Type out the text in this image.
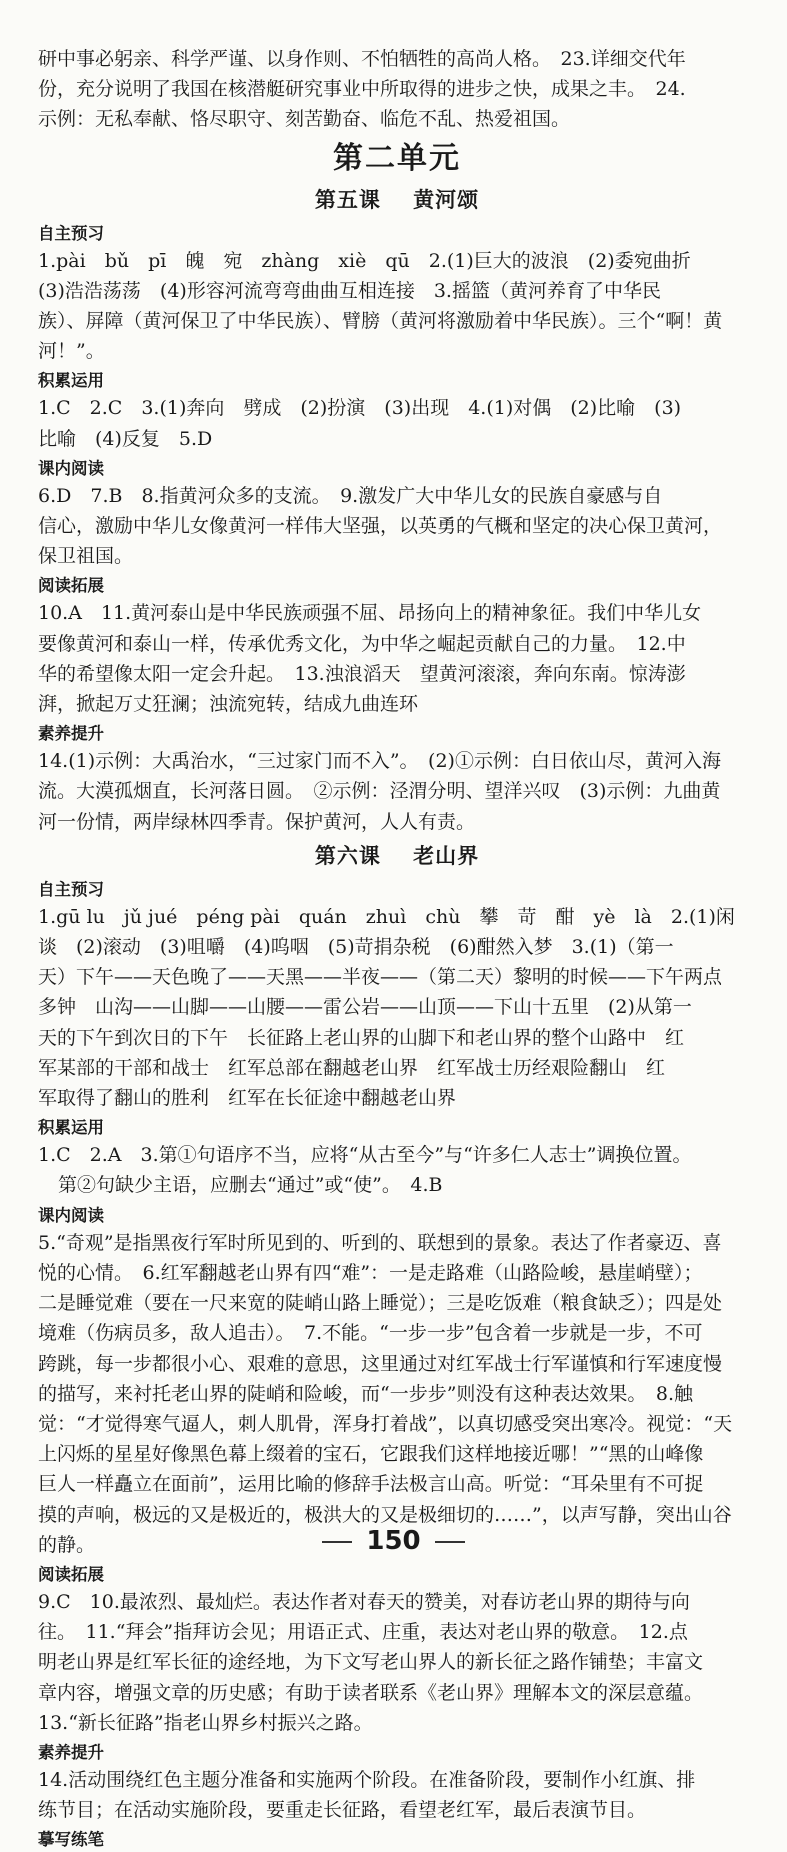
研中事必躬亲、科学严谨、以身作则、不怕牺牲的高尚人格。　23.详细交代年

份，充分说明了我国在核潜艇研究事业中所取得的进步之快，成果之丰。　24.

示例：无私奉献、恪尽职守、刻苦勤奋、临危不乱、热爱祖国。

第二单元
第五课 黄河颂
自主预习

1.pài　bǔ　pī　魄　宛　zhàng　xiè　qū　2.(1)巨大的波浪　(2)委宛曲折

(3)浩浩荡荡　(4)形容河流弯弯曲曲互相连接　3.摇篮（黄河养育了中华民

族）、屏障（黄河保卫了中华民族）、臂膀（黄河将激励着中华民族）。三个“啊！黄

河！”。

积累运用

1.C　2.C　3.(1)奔向　劈成　(2)扮演　(3)出现　4.(1)对偶　(2)比喻　(3)

比喻　(4)反复　5.D

课内阅读

6.D　7.B　8.指黄河众多的支流。　9.激发广大中华儿女的民族自豪感与自

信心，激励中华儿女像黄河一样伟大坚强，以英勇的气概和坚定的决心保卫黄河，

保卫祖国。

阅读拓展

10.A　11.黄河泰山是中华民族顽强不屈、昂扬向上的精神象征。我们中华儿女

要像黄河和泰山一样，传承优秀文化，为中华之崛起贡献自己的力量。　12.中

华的希望像太阳一定会升起。　13.浊浪滔天　望黄河滚滚，奔向东南。惊涛澎

湃，掀起万丈狂澜；浊流宛转，结成九曲连环

素养提升

14.(1)示例：大禹治水，“三过家门而不入”。　(2)①示例：白日依山尽，黄河入海

流。大漠孤烟直，长河落日圆。　②示例：泾渭分明、望洋兴叹　(3)示例：九曲黄

河一份情，两岸绿林四季青。保护黄河，人人有责。

第六课 老山界
自主预习

1.gū lu　jǔ jué　péng pài　quán　zhuì　chù　攀　苛　酣　yè　là　2.(1)闲

谈　(2)滚动　(3)咀嚼　(4)呜咽　(5)苛捐杂税　(6)酣然入梦　3.(1)（第一

天）下午——天色晚了——天黑——半夜——（第二天）黎明的时候——下午两点

多钟　山沟——山脚——山腰——雷公岩——山顶——下山十五里　(2)从第一

天的下午到次日的下午　长征路上老山界的山脚下和老山界的整个山路中　红

军某部的干部和战士　红军总部在翻越老山界　红军战士历经艰险翻山　红

军取得了翻山的胜利　红军在长征途中翻越老山界

积累运用

1.C　2.A　3.第①句语序不当，应将“从古至今”与“许多仁人志士”调换位置。

第②句缺少主语，应删去“通过”或“使”。　4.B

课内阅读

5.“奇观”是指黑夜行军时所见到的、听到的、联想到的景象。表达了作者豪迈、喜

悦的心情。　6.红军翻越老山界有四“难”：一是走路难（山路险峻，悬崖峭壁）；

二是睡觉难（要在一尺来宽的陡峭山路上睡觉）；三是吃饭难（粮食缺乏）；四是处

境难（伤病员多，敌人追击）。　7.不能。“一步一步”包含着一步就是一步，不可

跨跳，每一步都很小心、艰难的意思，这里通过对红军战士行军谨慎和行军速度慢

的描写，来衬托老山界的陡峭和险峻，而“一步步”则没有这种表达效果。　8.触

觉：“才觉得寒气逼人，刺人肌骨，浑身打着战”，以真切感受突出寒冷。视觉：“天

上闪烁的星星好像黑色幕上缀着的宝石，它跟我们这样地接近哪！”“黑的山峰像

巨人一样矗立在面前”，运用比喻的修辞手法极言山高。听觉：“耳朵里有不可捉

摸的声响，极远的又是极近的，极洪大的又是极细切的……”，以声写静，突出山谷

的静。

阅读拓展

9.C　10.最浓烈、最灿烂。表达作者对春天的赞美，对春访老山界的期待与向

往。　11.“拜会”指拜访会见；用语正式、庄重，表达对老山界的敬意。　12.点

明老山界是红军长征的途经地，为下文写老山界人的新长征之路作铺垫；丰富文

章内容，增强文章的历史感；有助于读者联系《老山界》理解本文的深层意蕴。

13.“新长征路”指老山界乡村振兴之路。

素养提升

14.活动围绕红色主题分准备和实施两个阶段。在准备阶段，要制作小红旗、排

练节目；在活动实施阶段，要重走长征路，看望老红军，最后表演节目。

摹写练笔
150
